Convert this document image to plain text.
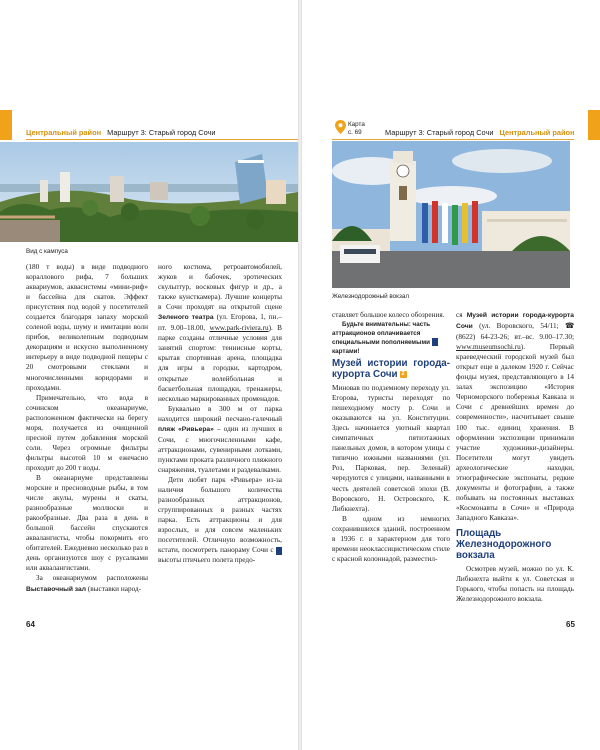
Центральный район Маршрут 3: Старый город Сочи
Вид с кампуса

(180 т воды) в виде подводного кораллового рифа, 7 больших аквариумов, аквасистемы «мини-риф» и бассейна для скатов. Эффект присутствия под водой у посетителей создается благодаря запаху морской соленой воды, шуму и имитации волн прибоя, великолепным подводным декорациям и искусно выполненному интерьеру в виде подводной пещеры с 20 смотровыми стеклами и многочисленными коридорами и проходами.

Примечательно, что вода в сочинском океанариуме, расположенном фактически на берегу моря, получается из очищенной пресной путем добавления морской соли. Через огромные фильтры фильтры высотой 10 м ежечасно проходит до 200 т воды.

В океанариуме представлены морские и пресноводные рыбы, в том числе акулы, мурены и скаты, разнообразные моллюски и ракообразные. Два раза в день в большой бассейн спускаются аквалангисты, чтобы покормить его обитателей. Ежедневно несколько раз в день организуются шоу с русалками или аквалангистами.

За океанариумом расположены Выставочный зал (выставки народ-

ного костюма, ретроавтомобилей, жуков и бабочек, эротических скульптур, восковых фигур и др., а также кунсткамера). Лучшие концерты в Сочи проходят на открытой сцене Зеленого театра (ул. Егорова, 1, пн.–пт. 9.00–18.00, www.park-riviera.ru). В парке созданы отличные условия для занятий спортом: теннисные корты, крытая спортивная арена, площадка для игры в городки, картодром, открытые волейбольная и баскетбольная площадки, тренажеры, несколько маркированных променадов.

Буквально в 300 м от парка находится широкий песчано-галечный пляж «Ривьера» – один из лучших в Сочи, с многочисленными кафе, аттракционами, сувенирными лотками, пунктами проката различного пляжного снаряжения, туалетами и раздевалками.

Дети любят парк «Ривьера» из-за наличия большого количества разнообразных аттракционов, сгруппированных в разных частях парка. Есть аттракционы и для взрослых, и для совсем маленьких посетителей. Отличную возможность, кстати, посмотреть панораму Сочи с ! высоты птичьего полета предо-

64
Карта
с. 69	Маршрут 3: Старый город Сочи Центральный район
Железнодорожный вокзал

ставляет большое колесо обозрения.

Будьте внимательны: часть аттракционов оплачивается специальными пополняемыми ! картами!

Музей истории города-курорта Сочи 2

Миновав по подземному переходу ул. Егорова, туристы переходят по пешеходному мосту р. Сочи и оказываются на ул. Конституции. Здесь начинается уютный квартал симпатичных пятиэтажных панельных домов, в котором улицы с типично южными названиями (ул. Роз, Парковая, пер. Зеленый) чередуются с улицами, названными в честь деятелей советской эпохи (В. Воровского, Н. Островского, К. Либкнехта).

В одном из немногих сохранившихся зданий, построенном в 1936 г. в характерном для того времени неоклассицистическом стиле с красной колоннадой, разместил-

ся Музей истории города-курорта Сочи (ул. Воровского, 54/11; ☎ (8622) 64-23-26; вт.–вс. 9.00–17.30; www.museumsochi.ru). Первый краеведческий городской музей был открыт еще в далеком 1920 г. Сейчас фонды музея, представляющего в 14 залах экспозицию «История Черноморского побережья Кавказа и Сочи с древнейших времен до современности», насчитывает свыше 100 тыс. единиц хранения. В оформлении экспозиции принимали участие художники-дизайнеры. Посетители могут увидеть археологические находки, этнографические экспонаты, редкие документы и фотографии, а также побывать на постоянных выставках «Космонавты в Сочи» и «Природа Западного Кавказа».

Площадь Железнодорожного вокзала

Осмотрев музей, можно по ул. К. Либкнехта выйти к ул. Советская и Горького, чтобы попасть на площадь Железнодорожного вокзала.

65
